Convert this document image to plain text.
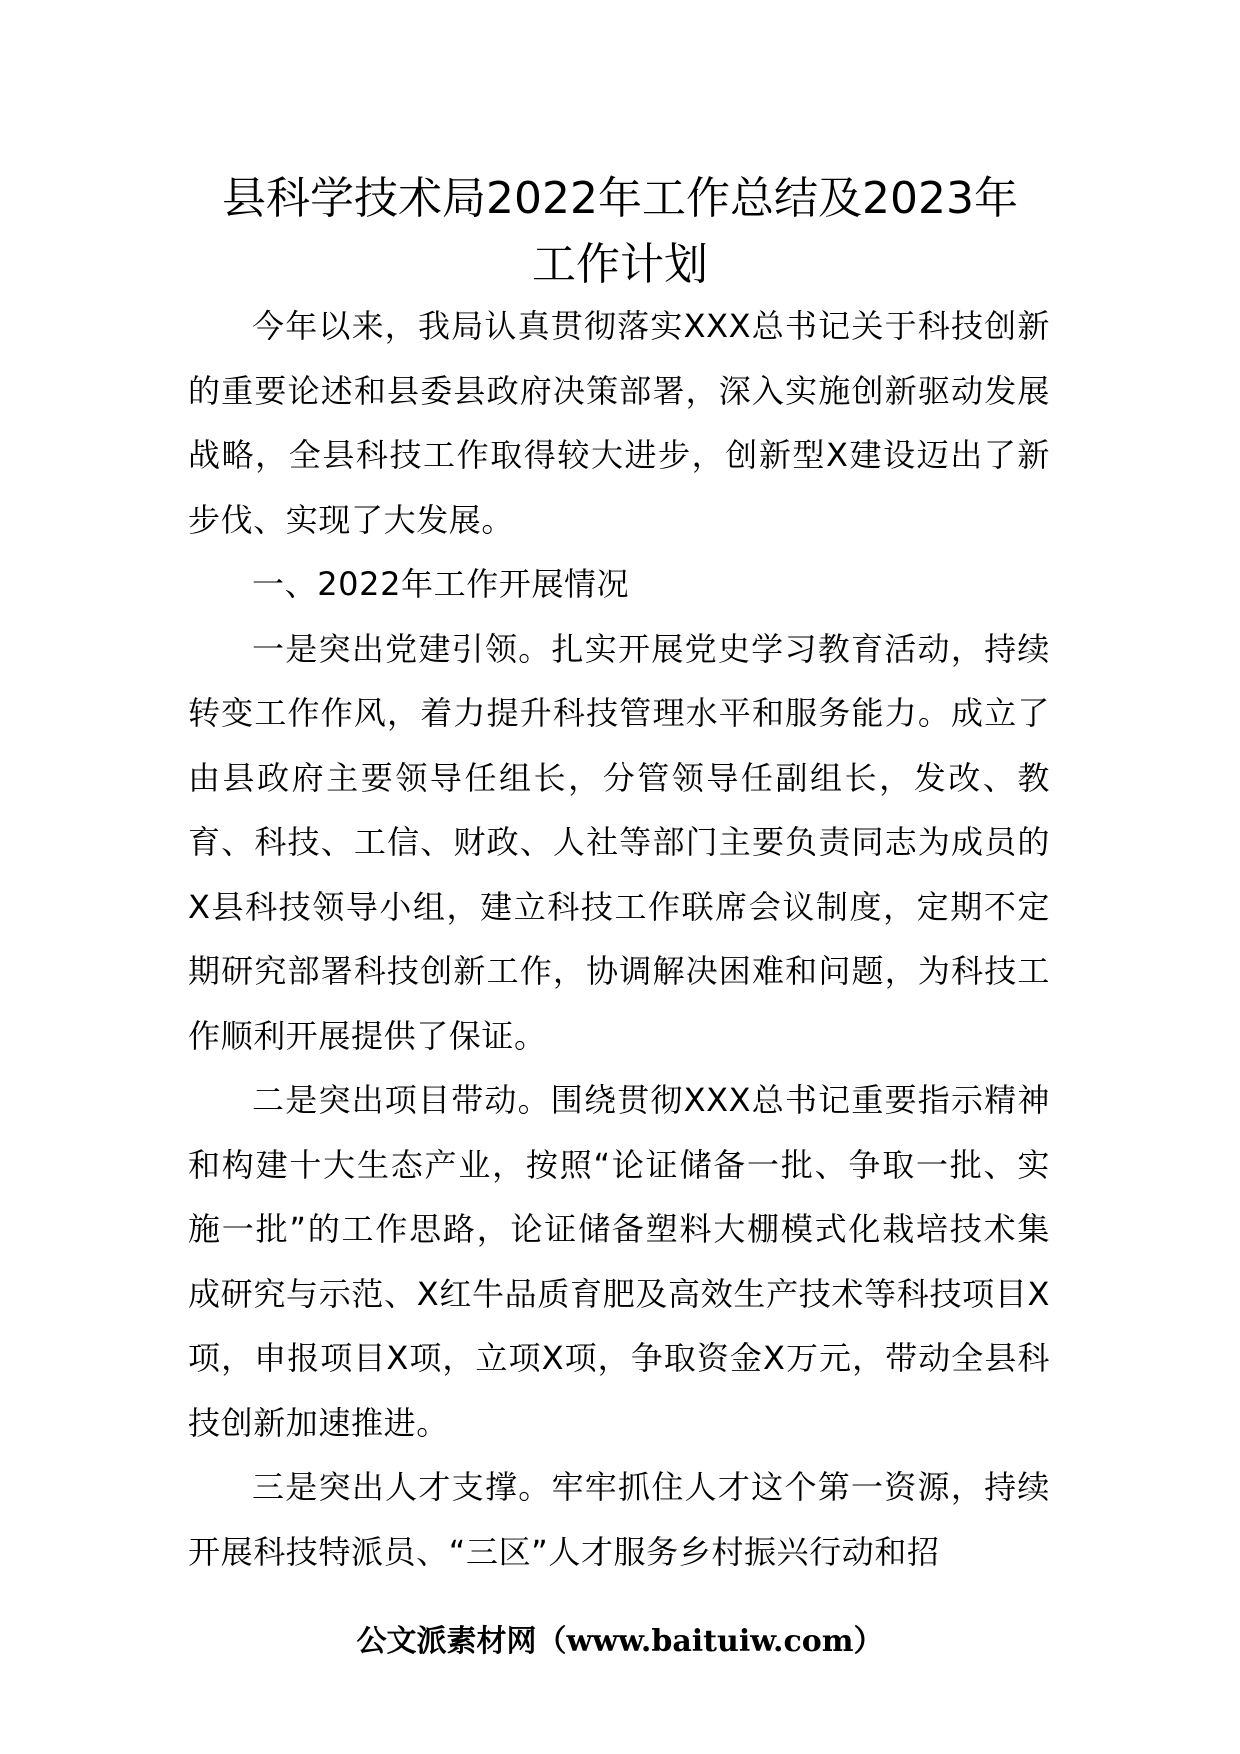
县科学技术局2022年工作总结及2023年
工作计划

今年以来，我局认真贯彻落实XXX总书记关于科技创新的重要论述和县委县政府决策部署，深入实施创新驱动发展战略，全县科技工作取得较大进步，创新型X建设迈出了新步伐、实现了大发展。

一、2022年工作开展情况

一是突出党建引领。扎实开展党史学习教育活动，持续转变工作作风，着力提升科技管理水平和服务能力。成立了由县政府主要领导任组长，分管领导任副组长，发改、教育、科技、工信、财政、人社等部门主要负责同志为成员的X县科技领导小组，建立科技工作联席会议制度，定期不定期研究部署科技创新工作，协调解决困难和问题，为科技工作顺利开展提供了保证。

二是突出项目带动。围绕贯彻XXX总书记重要指示精神和构建十大生态产业，按照“论证储备一批、争取一批、实施一批”的工作思路，论证储备塑料大棚模式化栽培技术集成研究与示范、X红牛品质育肥及高效生产技术等科技项目X项，申报项目X项，立项X项，争取资金X万元，带动全县科技创新加速推进。

三是突出人才支撑。牢牢抓住人才这个第一资源，持续开展科技特派员、“三区”人才服务乡村振兴行动和招

公文派素材网（www.baituiw.com）
